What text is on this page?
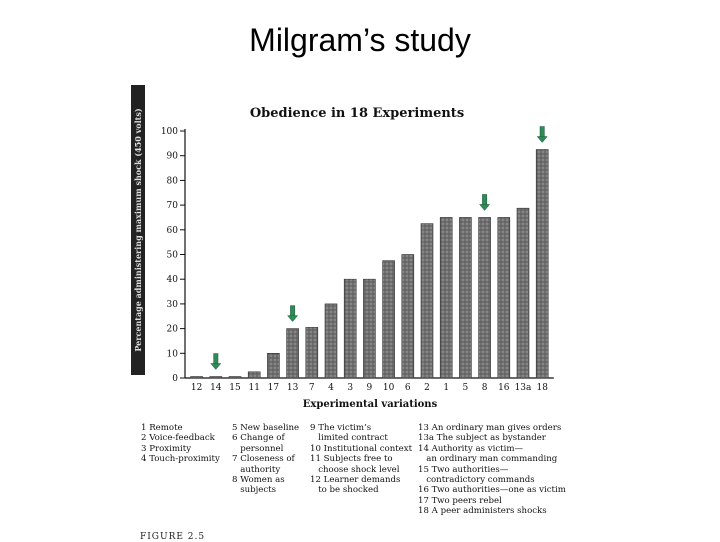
Milgram’s study
Percentage administering maximum shock (450 volts)	Obedience in 18 Experiments
0
10
20
30
40
50
60
70
80
90
100
12 14 15 11 17 13 7 4 3 9 10 6 2 1 5 8 16 13a 18
Experimental variations
1 Remote
2 Voice-feedback
3 Proximity
4 Touch-proximity
5 New baseline
6 Change of
personnel
7 Closeness of
authority
8 Women as
subjects
9 The victim’s
limited contract
10 Institutional context
11 Subjects free to
choose shock level
12 Learner demands
to be shocked
13 An ordinary man gives orders
13a The subject as bystander
14 Authority as victim—
an ordinary man commanding
15 Two authorities—
contradictory commands
16 Two authorities—one as victim
17 Two peers rebel
18 A peer administers shocks
FIGURE 2.5
